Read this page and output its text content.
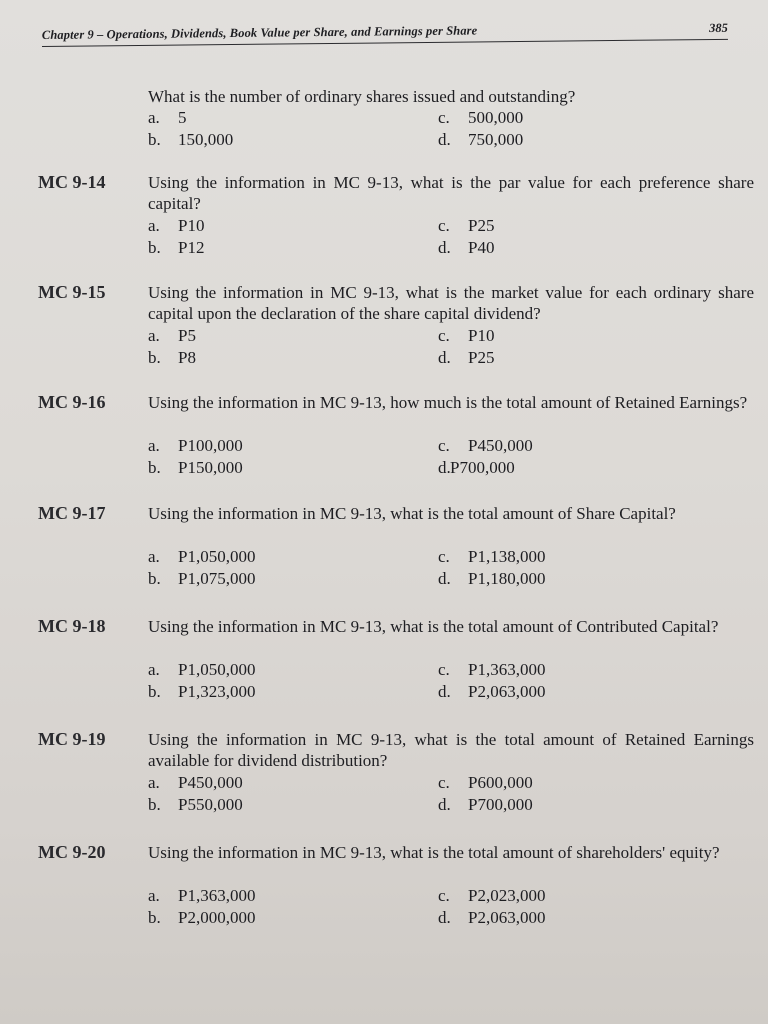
Chapter 9 – Operations, Dividends, Book Value per Share, and Earnings per Share	385
What is the number of ordinary shares issued and outstanding?
a. 5
b. 150,000
c. 500,000
d. 750,000
MC 9-14	Using the information in MC 9-13, what is the par value for each preference share capital?
a. P10
b. P12
c. P25
d. P40
MC 9-15	Using the information in MC 9-13, what is the market value for each ordinary share capital upon the declaration of the share capital dividend?
a. P5
b. P8
c. P10
d. P25
MC 9-16	Using the information in MC 9-13, how much is the total amount of Retained Earnings?
a. P100,000
b. P150,000
c. P450,000
d.P700,000
MC 9-17	Using the information in MC 9-13, what is the total amount of Share Capital?
a. P1,050,000
b. P1,075,000
c. P1,138,000
d. P1,180,000
MC 9-18	Using the information in MC 9-13, what is the total amount of Contributed Capital?
a. P1,050,000
b. P1,323,000
c. P1,363,000
d. P2,063,000
MC 9-19	Using the information in MC 9-13, what is the total amount of Retained Earnings available for dividend distribution?
a. P450,000
b. P550,000
c. P600,000
d. P700,000
MC 9-20	Using the information in MC 9-13, what is the total amount of shareholders' equity?
a. P1,363,000
b. P2,000,000
c. P2,023,000
d. P2,063,000
